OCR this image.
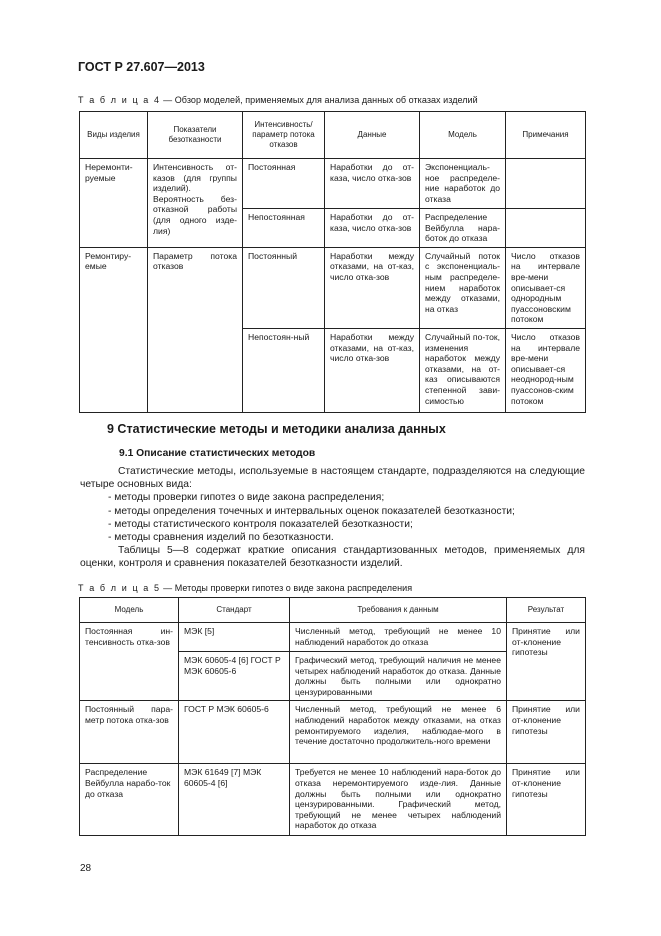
ГОСТ Р 27.607—2013
Т а б л и ц а 4 — Обзор моделей, применяемых для анализа данных об отказах изделий
Виды изделия	Показатели безотказности	Интенсивность/ параметр потока отказов	Данные	Модель	Примечания
Неремонти-руемые	Интенсивность от-казов (для группы изделий). Вероятность без-отказной работы (для одного изде-лия)	Постоянная	Наработки до от-каза, число отка-зов	Экспоненциаль-ное распределе-ние наработок до отказа	
		Непостоянная	Наработки до от-каза, число отка-зов	Распределение Вейбулла нара-боток до отказа	
Ремонтиру-емые	Параметр потока отказов	Постоянный	Наработки между отказами, на от-каз, число отка-зов	Случайный поток с экспоненциаль-ным распределе-нием наработок между отказами, на отказ	Число отказов на интервале вре-мени описывает-ся однородным пуассоновским потоком
		Непостоян-ный	Наработки между отказами, на от-каз, число отка-зов	Случайный по-ток, изменения наработок между отказами, на от-каз описываются степенной зави-симостью	Число отказов на интервале вре-мени описывает-ся неоднород-ным пуассонов-ским потоком
9 Статистические методы и методики анализа данных
9.1 Описание статистических методов

Статистические методы, используемые в настоящем стандарте, подразделяются на следующие четыре основных вида:

- методы проверки гипотез о виде закона распределения;

- методы определения точечных и интервальных оценок показателей безотказности;

- методы статистического контроля показателей безотказности;

- методы сравнения изделий по безотказности.

Таблицы 5—8 содержат краткие описания стандартизованных методов, применяемых для оценки, контроля и сравнения показателей безотказности изделий.

Т а б л и ц а 5 — Методы проверки гипотез о виде закона распределения
Модель	Стандарт	Требования к данным	Результат
Постоянная ин-тенсивность отка-зов	МЭК [5]	Численный метод, требующий не менее 10 наблюдений наработок до отказа	Принятие или от-клонение гипотезы
	МЭК 60605-4 [6] ГОСТ Р МЭК 60605-6	Графический метод, требующий наличия не менее четырех наблюдений наработок до отказа. Данные должны быть полными или однократно цензурированными	
Постоянный пара-метр потока отка-зов	ГОСТ Р МЭК 60605-6	Численный метод, требующий не менее 6 наблюдений наработок между отказами, на отказ ремонтируемого изделия, наблюдае-мого в течение достаточно продолжитель-ного времени	Принятие или от-клонение гипотезы
Распределение Вейбулла нарабо-ток до отказа	МЭК 61649 [7] МЭК 60605-4 [6]	Требуется не менее 10 наблюдений нара-боток до отказа неремонтируемого изде-лия. Данные должны быть полными или однократно цензурированными. Графический метод, требующий не менее четырех наблюдений наработок до отказа	Принятие или от-клонение гипотезы
28
